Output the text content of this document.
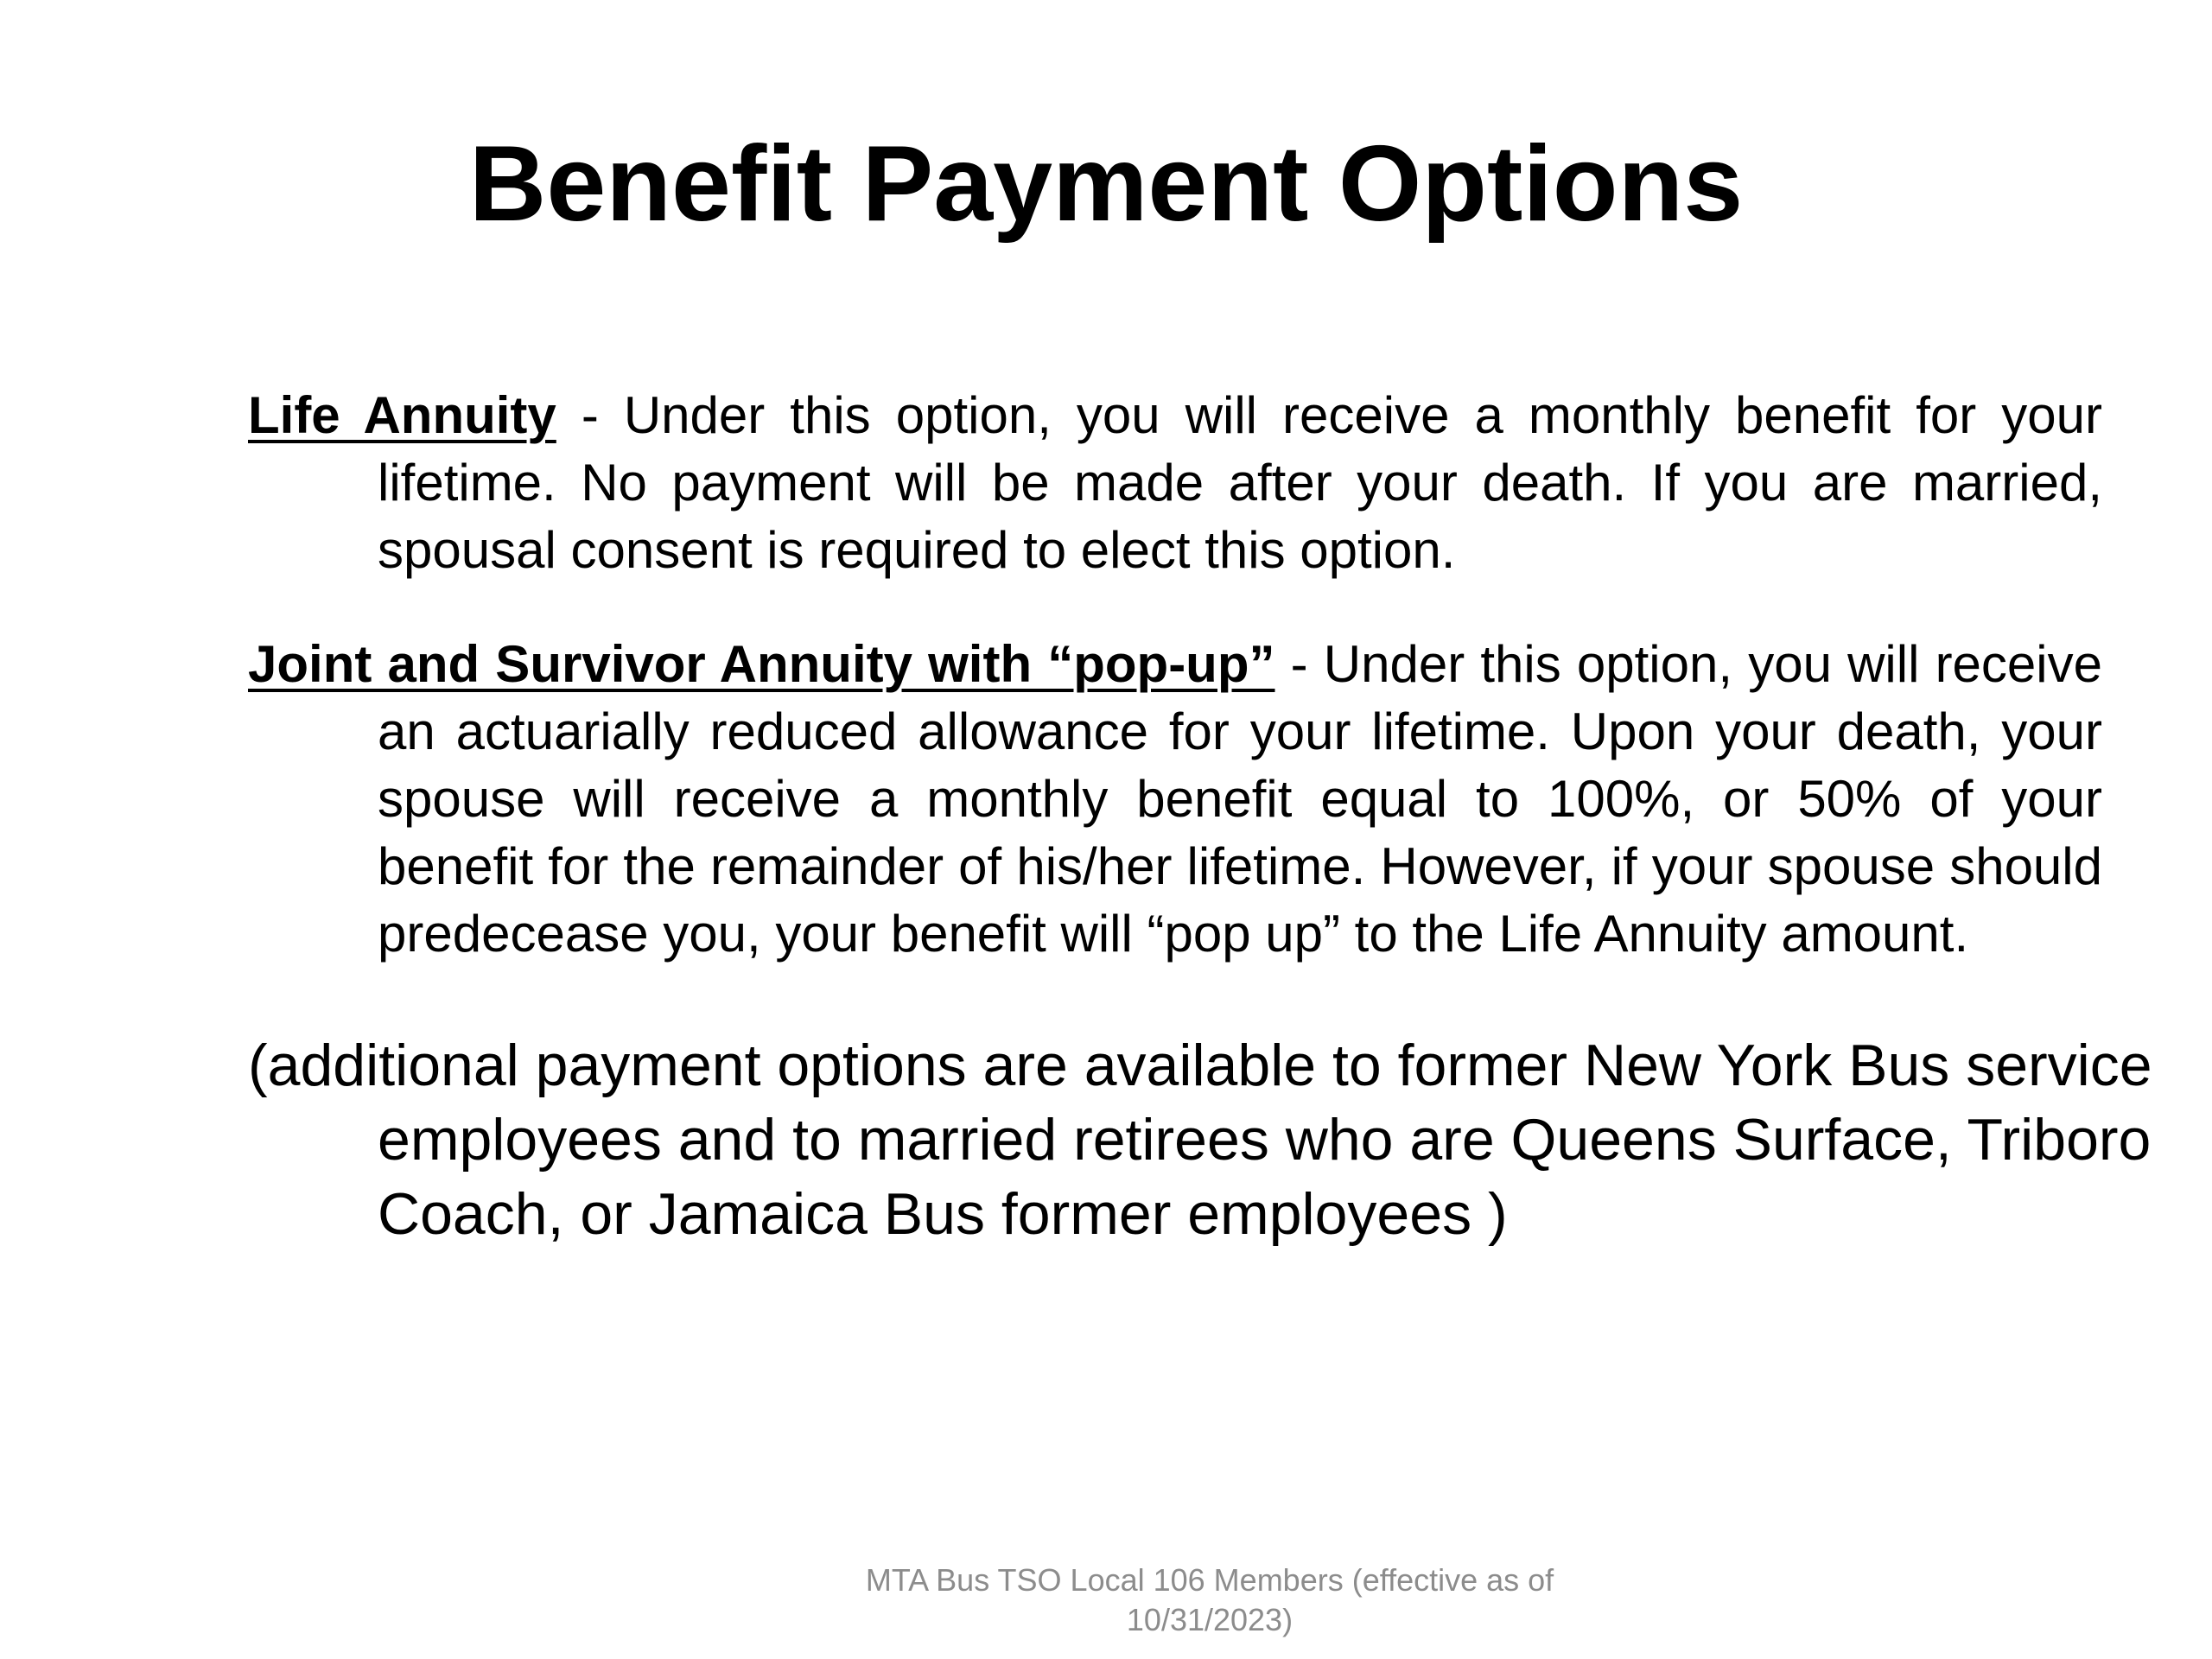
Benefit Payment Options

Life Annuity - Under this option, you will receive a monthly benefit for your lifetime. No payment will be made after your death. If you are married, spousal consent is required to elect this option.

Joint and Survivor Annuity with “pop-up” - Under this option, you will receive an actuarially reduced allowance for your lifetime. Upon your death, your spouse will receive a monthly benefit equal to 100%, or 50% of your benefit for the remainder of his/her lifetime. However, if your spouse should predecease you, your benefit will “pop up” to the Life Annuity amount.

(additional payment options are available to former New York Bus service employees and to married retirees who are Queens Surface, Triboro Coach, or Jamaica Bus former employees )

MTA Bus TSO Local 106 Members (effective as of 10/31/2023)
